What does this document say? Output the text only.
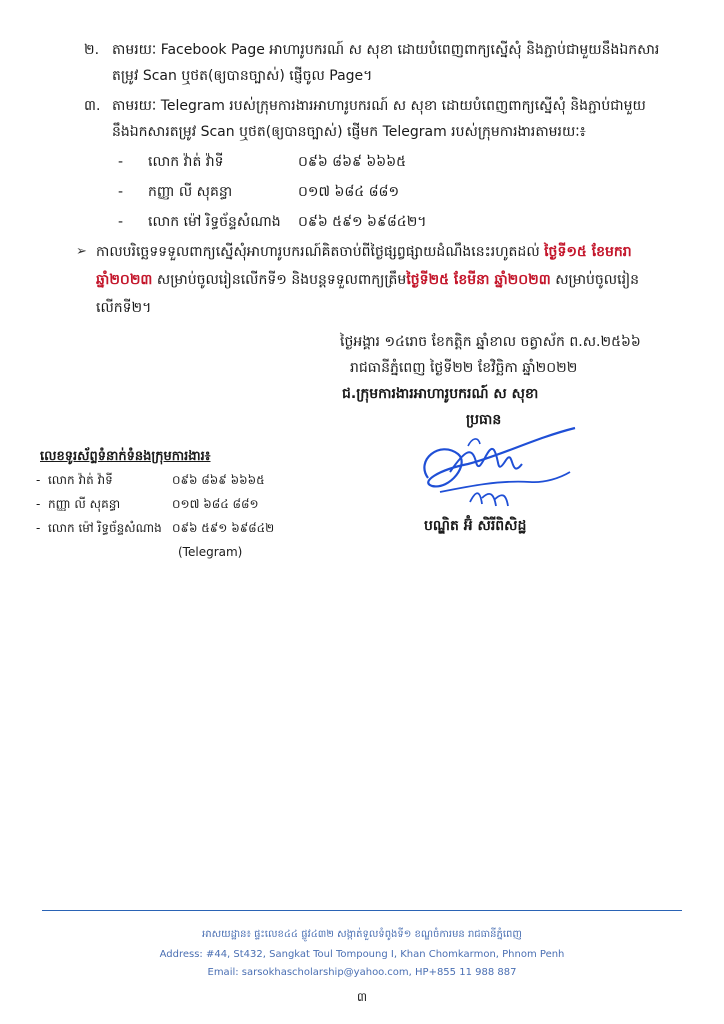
២. តាមរយៈ Facebook Page អាហារូបករណ៍ ស សុខា ដោយបំពេញពាក្យស្នើសុំ និងភ្ជាប់ជាមួយនឹងឯកសារ
តម្រូវ Scan ឬថត(ឲ្យបានច្បាស់) ផ្ញើចូល Page។
៣. តាមរយៈ Telegram របស់ក្រុមការងារអាហារូបករណ៍ ស សុខា ដោយបំពេញពាក្យស្នើសុំ និងភ្ជាប់ជាមួយ
នឹងឯកសារតម្រូវ Scan ឬថត(ឲ្យបានច្បាស់) ផ្ញើមក Telegram របស់ក្រុមការងារតាមរយៈ៖
- លោក វ៉ាត់ វ៉ាទី	០៩៦ ៨៦៩ ៦៦៦៥
- កញ្ញា លី សុគន្ធា	០១៧ ៦៨៤ ៨៨១
- លោក ម៉ៅ រិទ្ធច័ន្ទសំណាង ០៩៦ ៥៩១ ៦៩៨៤២។
➢ កាលបរិច្ឆេទទទួលពាក្យស្នើសុំអាហារូបករណ៍គិតចាប់ពីថ្ងៃផ្សព្វផ្សាយដំណឹងនេះរហូតដល់ ថ្ងៃទី១៥ ខែមករា
ឆ្នាំ២០២៣ សម្រាប់ចូលរៀនលើកទី១ និងបន្តទទួលពាក្យត្រឹមថ្ងៃទី២៥ ខែមីនា ឆ្នាំ២០២៣ សម្រាប់ចូលរៀន
លើកទី២។
ថ្ងៃអង្គារ ១៤រោច ខែកត្តិក ឆ្នាំខាល ចត្វាស័ក ព.ស.២៥៦៦
រាជធានីភ្នំពេញ ថ្ងៃទី២២ ខែវិច្ឆិកា ឆ្នាំ២០២២
ជ.ក្រុមការងារអាហារូបករណ៍ ស សុខា
ប្រធាន
បណ្ឌិត អ៊ំ សិរីពិសិដ្ឋ
លេខទូរស័ព្ទទំនាក់ទំនងក្រុមការងារ៖
- លោក វ៉ាត់ វ៉ាទី	០៩៦ ៨៦៩ ៦៦៦៥
- កញ្ញា លី សុគន្ធា	០១៧ ៦៨៤ ៨៨១
- លោក ម៉ៅ រិទ្ធច័ន្ទសំណាង ០៩៦ ៥៩១ ៦៩៨៤២
(Telegram)
អាសយដ្ឋាន៖ ផ្ទះលេខ៤៤ ផ្លូវ៤៣២ សង្កាត់ទួលទំពូងទី១ ខណ្ឌចំការមន រាជធានីភ្នំពេញ
Address: #44, St432, Sangkat Toul Tompoung I, Khan Chomkarmon, Phnom Penh
Email: sarsokhascholarship@yahoo.com, HP+855 11 988 887
៣
